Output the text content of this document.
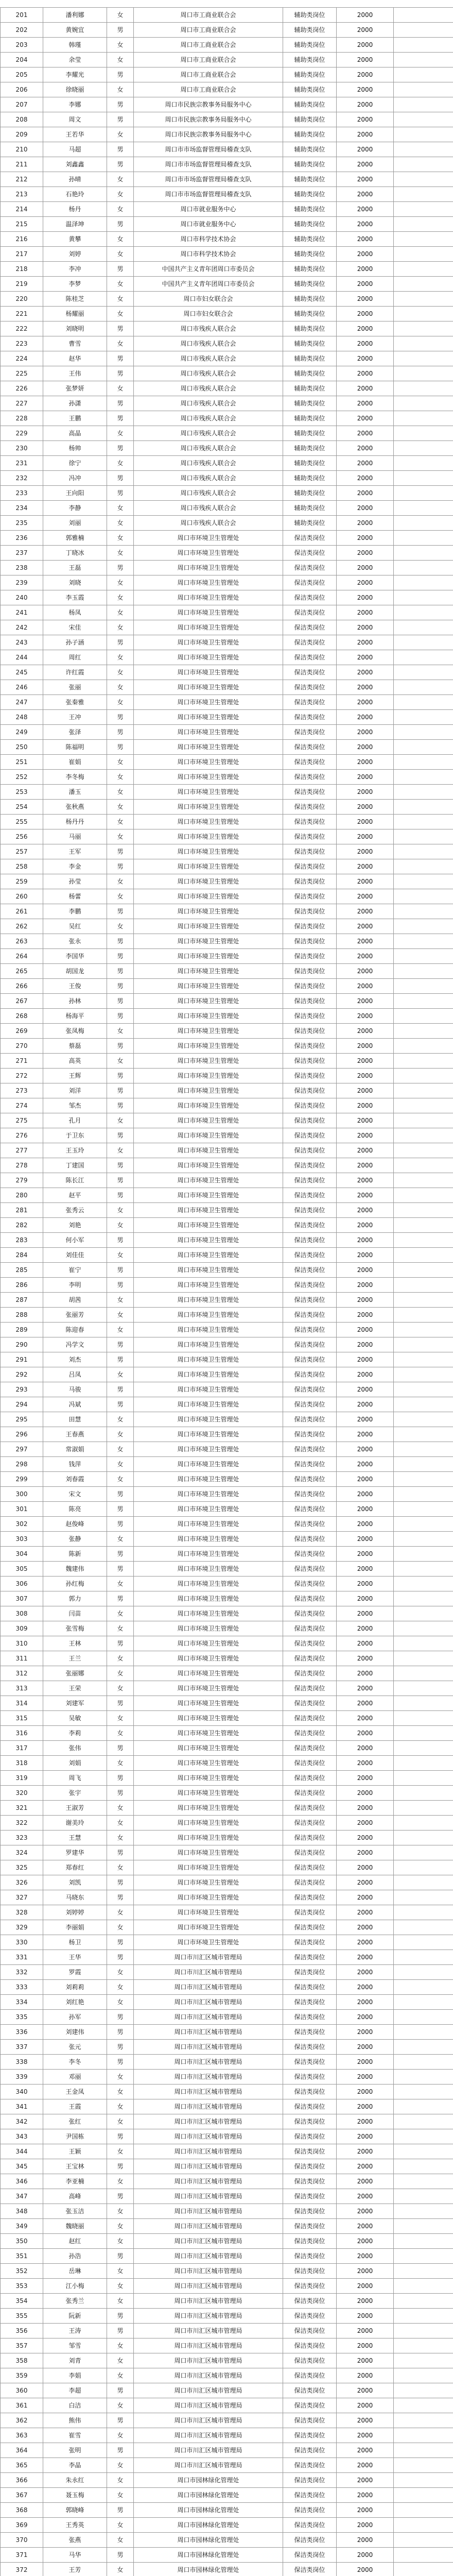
201	潘利娜	女	周口市工商业联合会	辅助类岗位	2000	
202	黄婉宜	男	周口市工商业联合会	辅助类岗位	2000	
203	韩瑾	女	周口市工商业联合会	辅助类岗位	2000	
204	余莹	女	周口市工商业联合会	辅助类岗位	2000	
205	李耀光	男	周口市工商业联合会	辅助类岗位	2000	
206	徐晓丽	女	周口市工商业联合会	辅助类岗位	2000	
207	李娜	男	周口市民族宗教事务局服务中心	辅助类岗位	2000	
208	周文	男	周口市民族宗教事务局服务中心	辅助类岗位	2000	
209	王若华	女	周口市民族宗教事务局服务中心	辅助类岗位	2000	
210	马超	男	周口市市场监督管理局稽查支队	辅助类岗位	2000	
211	刘鑫鑫	男	周口市市场监督管理局稽查支队	辅助类岗位	2000	
212	孙晴	女	周口市市场监督管理局稽查支队	辅助类岗位	2000	
213	石艳玲	女	周口市市场监督管理局稽查支队	辅助类岗位	2000	
214	杨丹	女	周口市就业服务中心	辅助类岗位	2000	
215	温泽坤	男	周口市就业服务中心	辅助类岗位	2000	
216	黄攀	女	周口市科学技术协会	辅助类岗位	2000	
217	刘婷	女	周口市科学技术协会	辅助类岗位	2000	
218	李冲	男	中国共产主义青年团周口市委员会	辅助类岗位	2000	
219	李梦	女	中国共产主义青年团周口市委员会	辅助类岗位	2000	
220	陈桂芝	女	周口市妇女联合会	辅助类岗位	2000	
221	杨耀丽	女	周口市妇女联合会	辅助类岗位	2000	
222	刘晓明	男	周口市残疾人联合会	辅助类岗位	2000	
223	曹雪	女	周口市残疾人联合会	辅助类岗位	2000	
224	赵华	男	周口市残疾人联合会	辅助类岗位	2000	
225	王伟	男	周口市残疾人联合会	辅助类岗位	2000	
226	张梦妍	女	周口市残疾人联合会	辅助类岗位	2000	
227	孙潇	男	周口市残疾人联合会	辅助类岗位	2000	
228	王鹏	男	周口市残疾人联合会	辅助类岗位	2000	
229	高晶	女	周口市残疾人联合会	辅助类岗位	2000	
230	杨帅	男	周口市残疾人联合会	辅助类岗位	2000	
231	徐宁	女	周口市残疾人联合会	辅助类岗位	2000	
232	冯冲	男	周口市残疾人联合会	辅助类岗位	2000	
233	王向阳	男	周口市残疾人联合会	辅助类岗位	2000	
234	李静	女	周口市残疾人联合会	辅助类岗位	2000	
235	刘丽	女	周口市残疾人联合会	辅助类岗位	2000	
236	郭雅楠	女	周口市环境卫生管理处	保洁类岗位	2000	
237	丁晓冰	女	周口市环境卫生管理处	保洁类岗位	2000	
238	王磊	男	周口市环境卫生管理处	保洁类岗位	2000	
239	刘晓	女	周口市环境卫生管理处	保洁类岗位	2000	
240	李玉霞	女	周口市环境卫生管理处	保洁类岗位	2000	
241	杨凤	女	周口市环境卫生管理处	保洁类岗位	2000	
242	宋佳	女	周口市环境卫生管理处	保洁类岗位	2000	
243	孙子涵	男	周口市环境卫生管理处	保洁类岗位	2000	
244	周红	女	周口市环境卫生管理处	保洁类岗位	2000	
245	许红霞	女	周口市环境卫生管理处	保洁类岗位	2000	
246	张丽	女	周口市环境卫生管理处	保洁类岗位	2000	
247	张秦雅	女	周口市环境卫生管理处	保洁类岗位	2000	
248	王冲	男	周口市环境卫生管理处	保洁类岗位	2000	
249	张泽	男	周口市环境卫生管理处	保洁类岗位	2000	
250	陈福明	男	周口市环境卫生管理处	保洁类岗位	2000	
251	崔娟	女	周口市环境卫生管理处	保洁类岗位	2000	
252	李冬梅	女	周口市环境卫生管理处	保洁类岗位	2000	
253	潘玉	女	周口市环境卫生管理处	保洁类岗位	2000	
254	张秋燕	女	周口市环境卫生管理处	保洁类岗位	2000	
255	杨丹丹	女	周口市环境卫生管理处	保洁类岗位	2000	
256	马丽	女	周口市环境卫生管理处	保洁类岗位	2000	
257	王军	男	周口市环境卫生管理处	保洁类岗位	2000	
258	李金	男	周口市环境卫生管理处	保洁类岗位	2000	
259	孙莹	女	周口市环境卫生管理处	保洁类岗位	2000	
260	杨蕾	女	周口市环境卫生管理处	保洁类岗位	2000	
261	李鹏	男	周口市环境卫生管理处	保洁类岗位	2000	
262	吴红	女	周口市环境卫生管理处	保洁类岗位	2000	
263	张永	男	周口市环境卫生管理处	保洁类岗位	2000	
264	李国华	男	周口市环境卫生管理处	保洁类岗位	2000	
265	胡国龙	男	周口市环境卫生管理处	保洁类岗位	2000	
266	王俊	男	周口市环境卫生管理处	保洁类岗位	2000	
267	孙林	男	周口市环境卫生管理处	保洁类岗位	2000	
268	杨海平	男	周口市环境卫生管理处	保洁类岗位	2000	
269	张凤梅	女	周口市环境卫生管理处	保洁类岗位	2000	
270	蔡磊	男	周口市环境卫生管理处	保洁类岗位	2000	
271	高英	女	周口市环境卫生管理处	保洁类岗位	2000	
272	王辉	男	周口市环境卫生管理处	保洁类岗位	2000	
273	刘洋	男	周口市环境卫生管理处	保洁类岗位	2000	
274	邹杰	男	周口市环境卫生管理处	保洁类岗位	2000	
275	孔月	女	周口市环境卫生管理处	保洁类岗位	2000	
276	于卫东	男	周口市环境卫生管理处	保洁类岗位	2000	
277	王玉玲	女	周口市环境卫生管理处	保洁类岗位	2000	
278	丁建国	男	周口市环境卫生管理处	保洁类岗位	2000	
279	陈长江	男	周口市环境卫生管理处	保洁类岗位	2000	
280	赵平	男	周口市环境卫生管理处	保洁类岗位	2000	
281	张秀云	女	周口市环境卫生管理处	保洁类岗位	2000	
282	刘艳	女	周口市环境卫生管理处	保洁类岗位	2000	
283	何小军	男	周口市环境卫生管理处	保洁类岗位	2000	
284	刘佳佳	女	周口市环境卫生管理处	保洁类岗位	2000	
285	崔宁	男	周口市环境卫生管理处	保洁类岗位	2000	
286	李明	男	周口市环境卫生管理处	保洁类岗位	2000	
287	胡茜	女	周口市环境卫生管理处	保洁类岗位	2000	
288	张丽芳	女	周口市环境卫生管理处	保洁类岗位	2000	
289	陈迎春	女	周口市环境卫生管理处	保洁类岗位	2000	
290	冯学文	男	周口市环境卫生管理处	保洁类岗位	2000	
291	刘杰	男	周口市环境卫生管理处	保洁类岗位	2000	
292	吕凤	女	周口市环境卫生管理处	保洁类岗位	2000	
293	马骏	男	周口市环境卫生管理处	保洁类岗位	2000	
294	冯斌	男	周口市环境卫生管理处	保洁类岗位	2000	
295	田慧	女	周口市环境卫生管理处	保洁类岗位	2000	
296	王春燕	女	周口市环境卫生管理处	保洁类岗位	2000	
297	常淑娟	女	周口市环境卫生管理处	保洁类岗位	2000	
298	钱萍	女	周口市环境卫生管理处	保洁类岗位	2000	
299	刘春霞	女	周口市环境卫生管理处	保洁类岗位	2000	
300	宋文	男	周口市环境卫生管理处	保洁类岗位	2000	
301	陈亮	男	周口市环境卫生管理处	保洁类岗位	2000	
302	赵俊峰	男	周口市环境卫生管理处	保洁类岗位	2000	
303	张静	女	周口市环境卫生管理处	保洁类岗位	2000	
304	陈新	男	周口市环境卫生管理处	保洁类岗位	2000	
305	魏建伟	男	周口市环境卫生管理处	保洁类岗位	2000	
306	孙红梅	女	周口市环境卫生管理处	保洁类岗位	2000	
307	郭力	男	周口市环境卫生管理处	保洁类岗位	2000	
308	闫苗	女	周口市环境卫生管理处	保洁类岗位	2000	
309	张雪梅	女	周口市环境卫生管理处	保洁类岗位	2000	
310	王林	男	周口市环境卫生管理处	保洁类岗位	2000	
311	王兰	女	周口市环境卫生管理处	保洁类岗位	2000	
312	张丽娜	女	周口市环境卫生管理处	保洁类岗位	2000	
313	王荣	女	周口市环境卫生管理处	保洁类岗位	2000	
314	刘建军	男	周口市环境卫生管理处	保洁类岗位	2000	
315	吴敏	女	周口市环境卫生管理处	保洁类岗位	2000	
316	李莉	女	周口市环境卫生管理处	保洁类岗位	2000	
317	张伟	男	周口市环境卫生管理处	保洁类岗位	2000	
318	刘娟	女	周口市环境卫生管理处	保洁类岗位	2000	
319	周飞	男	周口市环境卫生管理处	保洁类岗位	2000	
320	张宇	男	周口市环境卫生管理处	保洁类岗位	2000	
321	王淑芳	女	周口市环境卫生管理处	保洁类岗位	2000	
322	谢美玲	女	周口市环境卫生管理处	保洁类岗位	2000	
323	王慧	女	周口市环境卫生管理处	保洁类岗位	2000	
324	罗建华	男	周口市环境卫生管理处	保洁类岗位	2000	
325	郑春红	女	周口市环境卫生管理处	保洁类岗位	2000	
326	刘凯	男	周口市环境卫生管理处	保洁类岗位	2000	
327	马晓东	男	周口市环境卫生管理处	保洁类岗位	2000	
328	刘婷婷	女	周口市环境卫生管理处	保洁类岗位	2000	
329	李丽娟	女	周口市环境卫生管理处	保洁类岗位	2000	
330	杨卫	男	周口市环境卫生管理处	保洁类岗位	2000	
331	王华	男	周口市川汇区城市管理局	保洁类岗位	2000	
332	罗霞	女	周口市川汇区城市管理局	保洁类岗位	2000	
333	刘莉莉	女	周口市川汇区城市管理局	保洁类岗位	2000	
334	刘红艳	女	周口市川汇区城市管理局	保洁类岗位	2000	
335	孙军	男	周口市川汇区城市管理局	保洁类岗位	2000	
336	刘建伟	男	周口市川汇区城市管理局	保洁类岗位	2000	
337	张元	男	周口市川汇区城市管理局	保洁类岗位	2000	
338	李冬	男	周口市川汇区城市管理局	保洁类岗位	2000	
339	邓丽	女	周口市川汇区城市管理局	保洁类岗位	2000	
340	王金凤	女	周口市川汇区城市管理局	保洁类岗位	2000	
341	王霞	女	周口市川汇区城市管理局	保洁类岗位	2000	
342	张红	女	周口市川汇区城市管理局	保洁类岗位	2000	
343	尹国栋	男	周口市川汇区城市管理局	保洁类岗位	2000	
344	王颖	女	周口市川汇区城市管理局	保洁类岗位	2000	
345	王宝林	男	周口市川汇区城市管理局	保洁类岗位	2000	
346	李亚楠	女	周口市川汇区城市管理局	保洁类岗位	2000	
347	高峰	男	周口市川汇区城市管理局	保洁类岗位	2000	
348	张玉洁	女	周口市川汇区城市管理局	保洁类岗位	2000	
349	魏晓丽	女	周口市川汇区城市管理局	保洁类岗位	2000	
350	赵红	女	周口市川汇区城市管理局	保洁类岗位	2000	
351	孙浩	男	周口市川汇区城市管理局	保洁类岗位	2000	
352	岳琳	女	周口市川汇区城市管理局	保洁类岗位	2000	
353	江小梅	女	周口市川汇区城市管理局	保洁类岗位	2000	
354	张秀兰	女	周口市川汇区城市管理局	保洁类岗位	2000	
355	阮新	男	周口市川汇区城市管理局	保洁类岗位	2000	
356	王涛	男	周口市川汇区城市管理局	保洁类岗位	2000	
357	邹雪	女	周口市川汇区城市管理局	保洁类岗位	2000	
358	刘青	女	周口市川汇区城市管理局	保洁类岗位	2000	
359	李娟	女	周口市川汇区城市管理局	保洁类岗位	2000	
360	李超	男	周口市川汇区城市管理局	保洁类岗位	2000	
361	白洁	女	周口市川汇区城市管理局	保洁类岗位	2000	
362	熊伟	男	周口市川汇区城市管理局	保洁类岗位	2000	
363	崔雪	女	周口市川汇区城市管理局	保洁类岗位	2000	
364	张明	男	周口市川汇区城市管理局	保洁类岗位	2000	
365	李晶	女	周口市川汇区城市管理局	保洁类岗位	2000	
366	朱永红	女	周口市园林绿化管理处	保洁类岗位	2000	
367	聂玉梅	女	周口市园林绿化管理处	保洁类岗位	2000	
368	郭晓峰	男	周口市园林绿化管理处	保洁类岗位	2000	
369	王秀英	女	周口市园林绿化管理处	保洁类岗位	2000	
370	张燕	女	周口市园林绿化管理处	保洁类岗位	2000	
371	马华	男	周口市园林绿化管理处	保洁类岗位	2000	
372	王芳	女	周口市园林绿化管理处	保洁类岗位	2000	
